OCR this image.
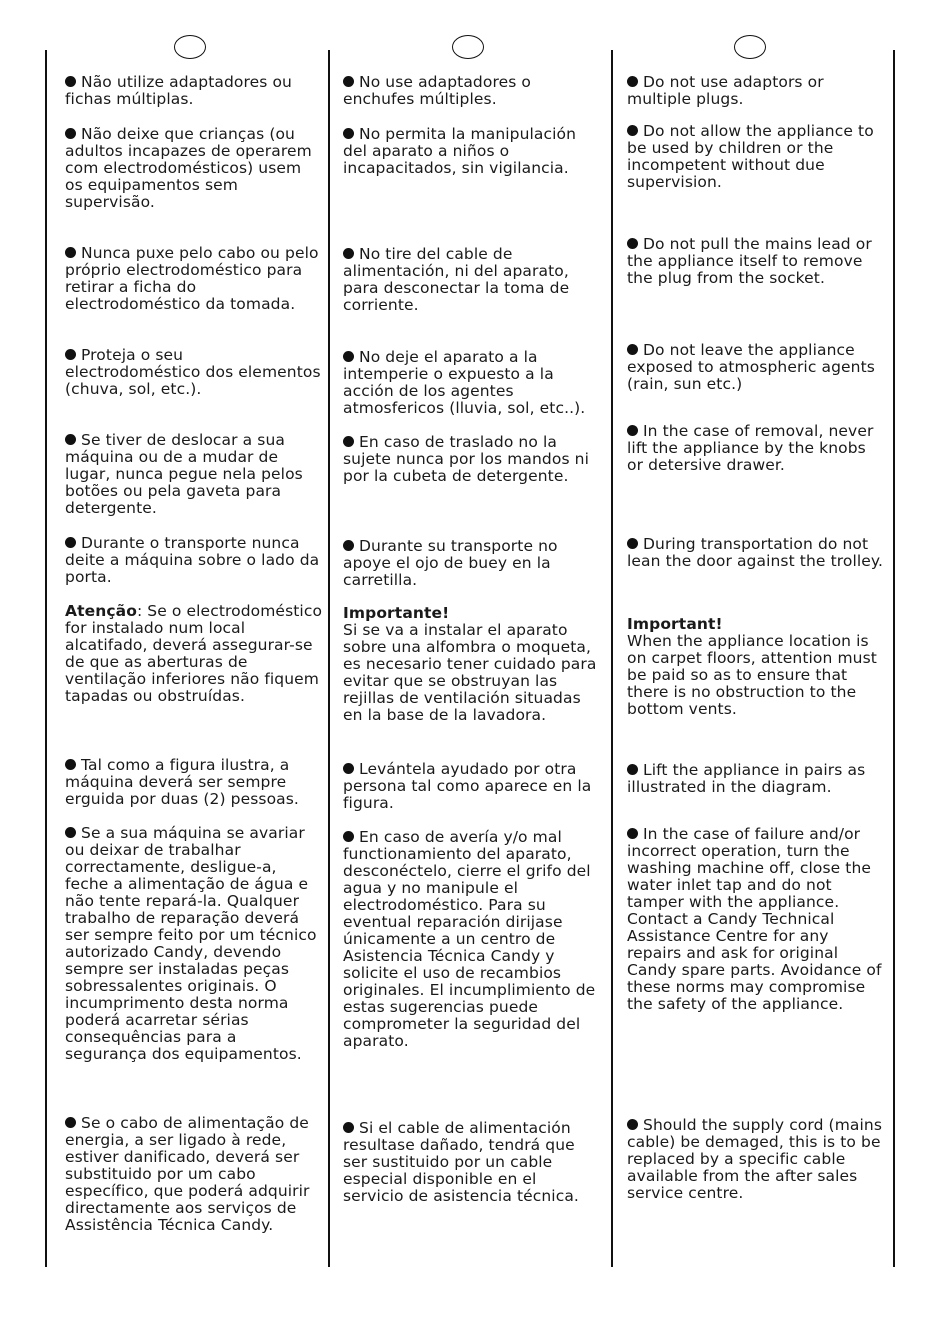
Não utilize adaptadores ou fichas múltiplas.

Não deixe que crianças (ou adultos incapazes de operarem com electrodomésticos) usem os equipamentos sem supervisão.

Nunca puxe pelo cabo ou pelo próprio electrodoméstico para retirar a ficha do electrodoméstico da tomada.

Proteja o seu electrodoméstico dos elementos (chuva, sol, etc.).

Se tiver de deslocar a sua máquina ou de a mudar de lugar, nunca pegue nela pelos botões ou pela gaveta para detergente.

Durante o transporte nunca deite a máquina sobre o lado da porta.

Atenção: Se o electrodoméstico for instalado num local alcatifado, deverá assegurar-se de que as aberturas de ventilação inferiores não fiquem tapadas ou obstruídas.

Tal como a figura ilustra, a máquina deverá ser sempre erguida por duas (2) pessoas.

Se a sua máquina se avariar ou deixar de trabalhar correctamente, desligue-a, feche a alimentação de água e não tente repará-la. Qualquer trabalho de reparação deverá ser sempre feito por um técnico autorizado Candy, devendo sempre ser instaladas peças sobressalentes originais. O incumprimento desta norma poderá acarretar sérias consequências para a segurança dos equipamentos.

Se o cabo de alimentação de energia, a ser ligado à rede, estiver danificado, deverá ser substituido por um cabo específico, que poderá adquirir directamente aos serviços de Assistência Técnica Candy.

No use adaptadores o enchufes múltiples.

No permita la manipulación del aparato a niños o incapacitados, sin vigilancia.

No tire del cable de alimentación, ni del aparato, para desconectar la toma de corriente.

No deje el aparato a la intemperie o expuesto a la acción de los agentes atmosfericos (lluvia, sol, etc..).

En caso de traslado no la sujete nunca por los mandos ni por la cubeta de detergente.

Durante su transporte no apoye el ojo de buey en la carretilla.

Importante!
Si se va a instalar el aparato sobre una alfombra o moqueta, es necesario tener cuidado para evitar que se obstruyan las rejillas de ventilación situadas en la base de la lavadora.

Levántela ayudado por otra persona tal como aparece en la figura.

En caso de avería y/o mal functionamiento del aparato, desconéctelo, cierre el grifo del agua y no manipule el electrodoméstico. Para su eventual reparación dirijase únicamente a un centro de Asistencia Técnica Candy y solicite el uso de recambios originales. El incumplimiento de estas sugerencias puede comprometer la seguridad del aparato.

Si el cable de alimentación resultase dañado, tendrá que ser sustituido por un cable especial disponible en el servicio de asistencia técnica.

Do not use adaptors or multiple plugs.

Do not allow the appliance to be used by children or the incompetent without due supervision.

Do not pull the mains lead or the appliance itself to remove the plug from the socket.

Do not leave the appliance exposed to atmospheric agents (rain, sun etc.)

In the case of removal, never lift the appliance by the knobs or detersive drawer.

During transportation do not lean the door against the trolley.

Important!
When the appliance location is on carpet floors, attention must be paid so as to ensure that there is no obstruction to the bottom vents.

Lift the appliance in pairs as illustrated in the diagram.

In the case of failure and/or incorrect operation, turn the washing machine off, close the water inlet tap and do not tamper with the appliance. Contact a Candy Technical Assistance Centre for any repairs and ask for original Candy spare parts. Avoidance of these norms may compromise the safety of the appliance.

Should the supply cord (mains cable) be demaged, this is to be replaced by a specific cable available from the after sales service centre.
